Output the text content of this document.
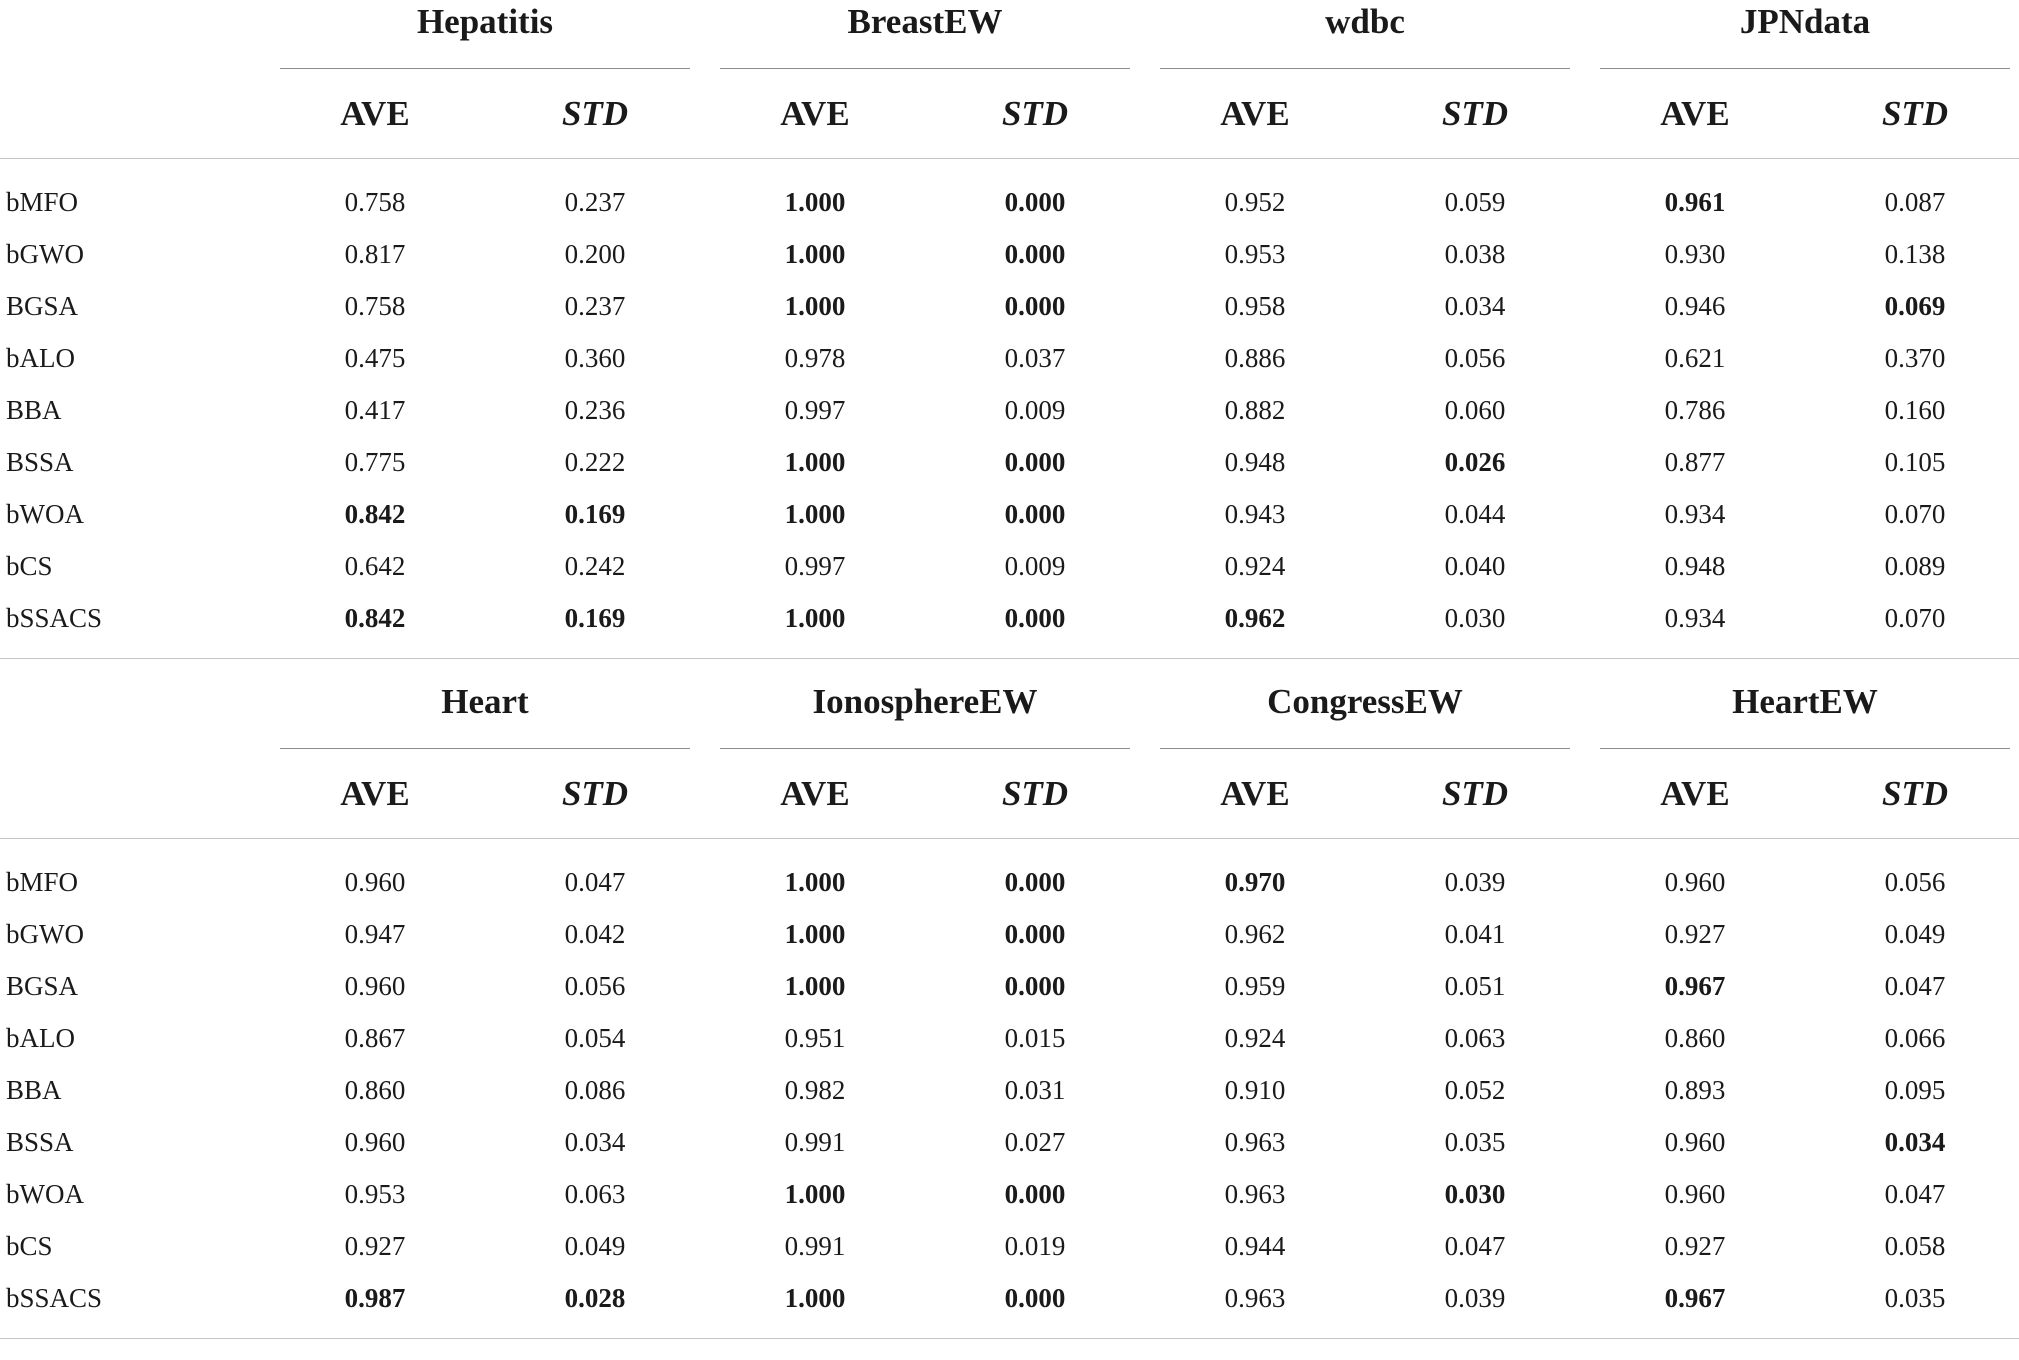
Hepatitis	BreastEW	wdbc	JPNdata
AVE	STD	AVE	STD	AVE	STD	AVE	STD
bMFO	0.758	0.237	1.000	0.000	0.952	0.059	0.961	0.087
bGWO	0.817	0.200	1.000	0.000	0.953	0.038	0.930	0.138
BGSA	0.758	0.237	1.000	0.000	0.958	0.034	0.946	0.069
bALO	0.475	0.360	0.978	0.037	0.886	0.056	0.621	0.370
BBA	0.417	0.236	0.997	0.009	0.882	0.060	0.786	0.160
BSSA	0.775	0.222	1.000	0.000	0.948	0.026	0.877	0.105
bWOA	0.842	0.169	1.000	0.000	0.943	0.044	0.934	0.070
bCS	0.642	0.242	0.997	0.009	0.924	0.040	0.948	0.089
bSSACS	0.842	0.169	1.000	0.000	0.962	0.030	0.934	0.070
Heart	IonosphereEW	CongressEW	HeartEW
AVE	STD	AVE	STD	AVE	STD	AVE	STD
bMFO	0.960	0.047	1.000	0.000	0.970	0.039	0.960	0.056
bGWO	0.947	0.042	1.000	0.000	0.962	0.041	0.927	0.049
BGSA	0.960	0.056	1.000	0.000	0.959	0.051	0.967	0.047
bALO	0.867	0.054	0.951	0.015	0.924	0.063	0.860	0.066
BBA	0.860	0.086	0.982	0.031	0.910	0.052	0.893	0.095
BSSA	0.960	0.034	0.991	0.027	0.963	0.035	0.960	0.034
bWOA	0.953	0.063	1.000	0.000	0.963	0.030	0.960	0.047
bCS	0.927	0.049	0.991	0.019	0.944	0.047	0.927	0.058
bSSACS	0.987	0.028	1.000	0.000	0.963	0.039	0.967	0.035
